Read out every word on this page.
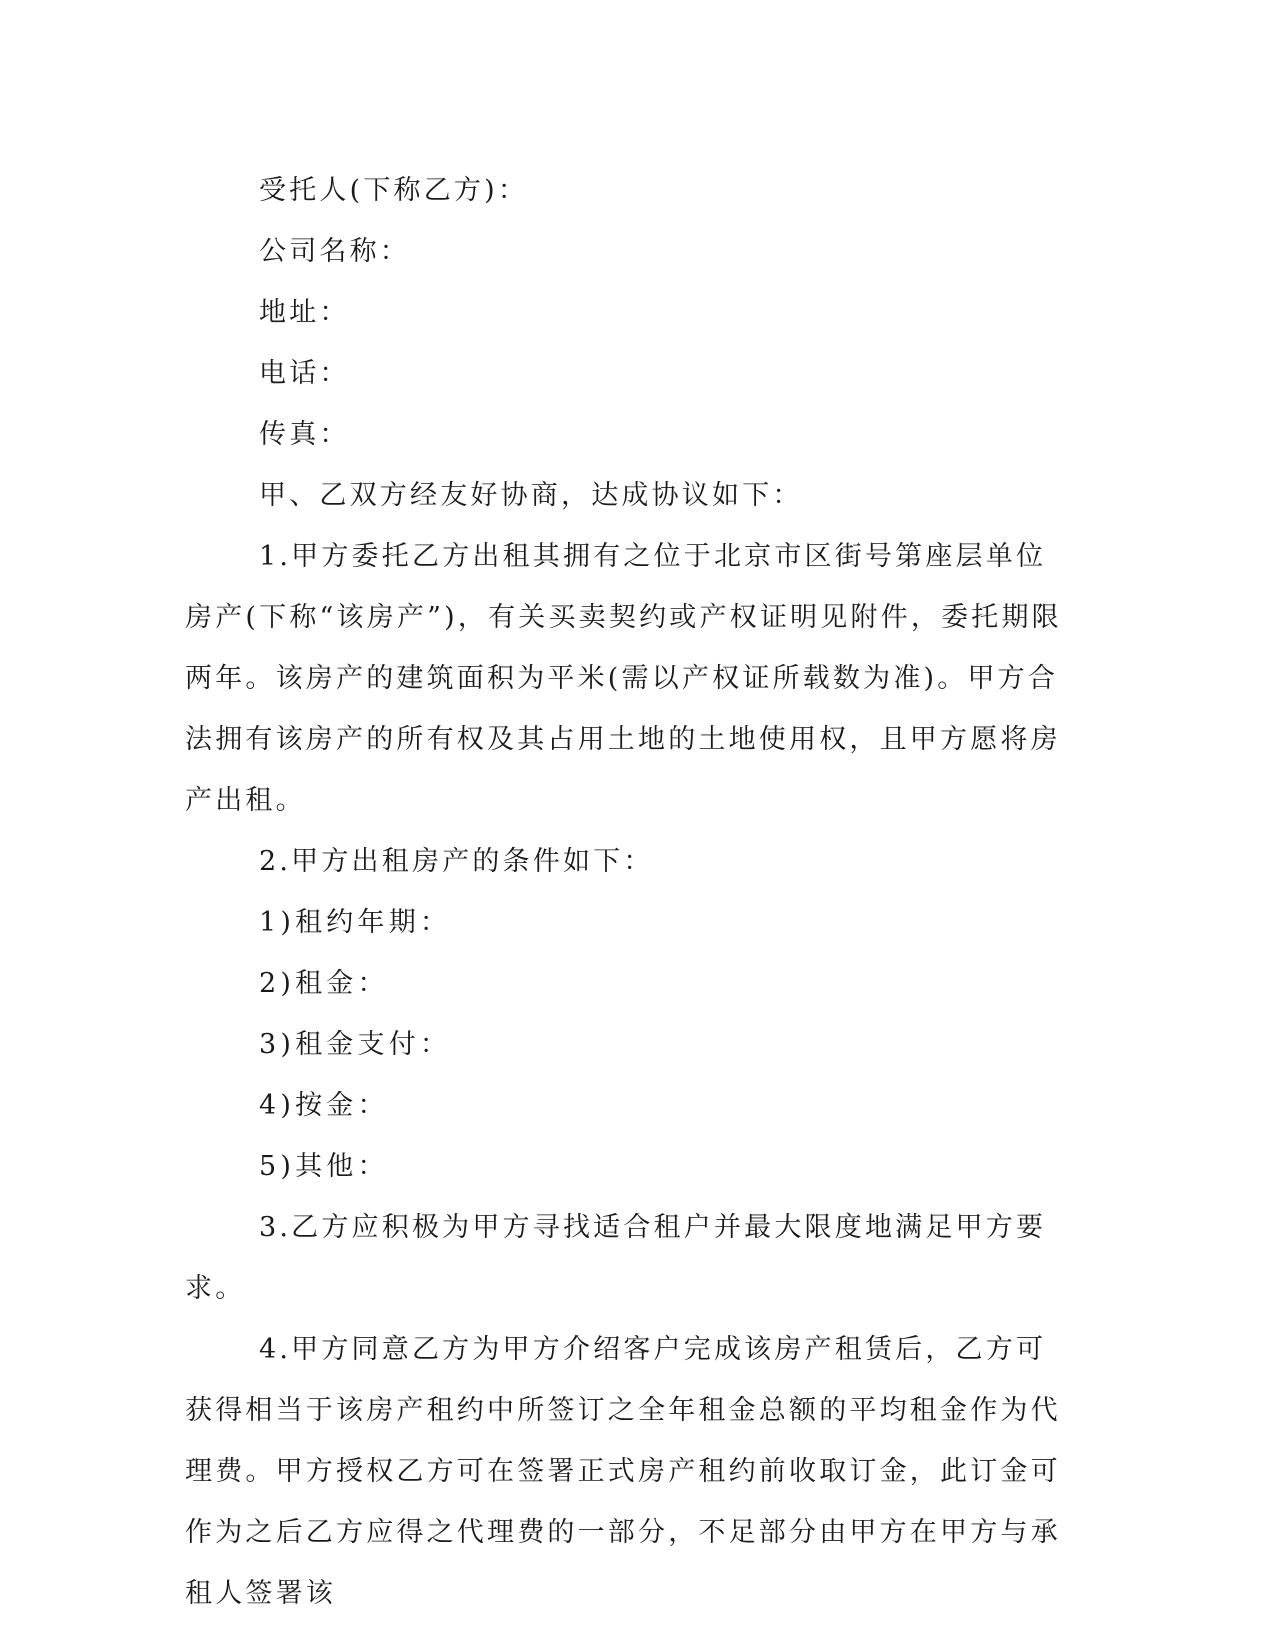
受托人(下称乙方)：

公司名称：

地址：

电话：

传真：

甲、乙双方经友好协商，达成协议如下：

1.甲方委托乙方出租其拥有之位于北京市区街号第座层单位房产(下称“该房产”)，有关买卖契约或产权证明见附件，委托期限两年。该房产的建筑面积为平米(需以产权证所载数为准)。甲方合法拥有该房产的所有权及其占用土地的土地使用权，且甲方愿将房产出租。

2.甲方出租房产的条件如下：

1)租约年期：

2)租金：

3)租金支付：

4)按金：

5)其他：

3.乙方应积极为甲方寻找适合租户并最大限度地满足甲方要求。

4.甲方同意乙方为甲方介绍客户完成该房产租赁后，乙方可获得相当于该房产租约中所签订之全年租金总额的平均租金作为代理费。甲方授权乙方可在签署正式房产租约前收取订金，此订金可作为之后乙方应得之代理费的一部分，不足部分由甲方在甲方与承租人签署该
